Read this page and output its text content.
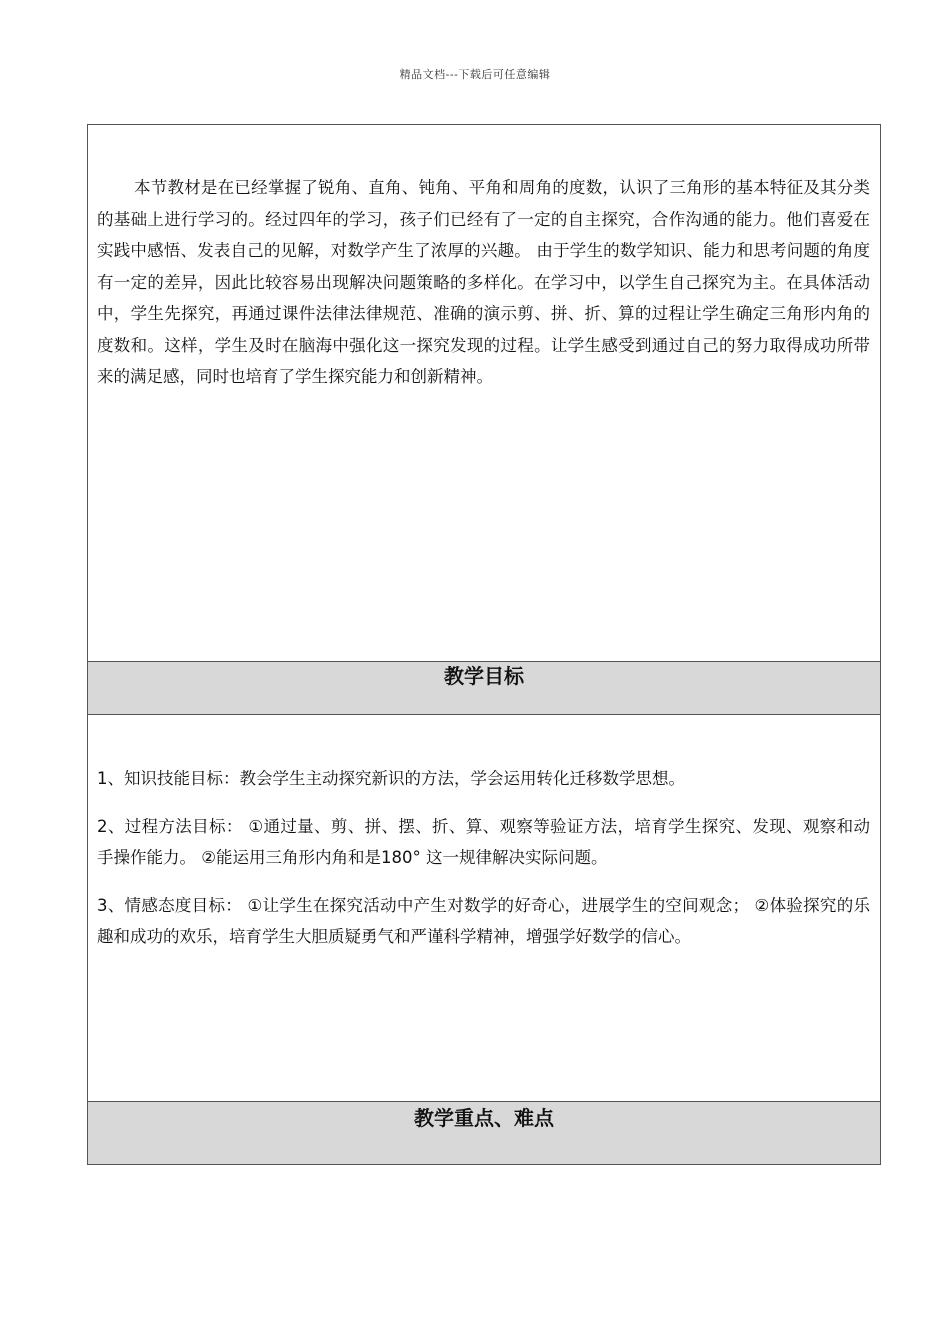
精品文档---下载后可任意编辑

本节教材是在已经掌握了锐角、直角、钝角、平角和周角的度数，认识了三角形的基本特征及其分类的基础上进行学习的。经过四年的学习，孩子们已经有了一定的自主探究，合作沟通的能力。他们喜爱在实践中感悟、发表自己的见解，对数学产生了浓厚的兴趣。 由于学生的数学知识、能力和思考问题的角度有一定的差异，因此比较容易出现解决问题策略的多样化。在学习中，以学生自己探究为主。在具体活动中，学生先探究，再通过课件法律法律规范、准确的演示剪、拼、折、算的过程让学生确定三角形内角的度数和。这样，学生及时在脑海中强化这一探究发现的过程。让学生感受到通过自己的努力取得成功所带来的满足感，同时也培育了学生探究能力和创新精神。

教学目标

1、知识技能目标：教会学生主动探究新识的方法，学会运用转化迁移数学思想。

2、过程方法目标： ①通过量、剪、拼、摆、折、算、观察等验证方法，培育学生探究、发现、观察和动手操作能力。 ②能运用三角形内角和是180° 这一规律解决实际问题。

3、情感态度目标： ①让学生在探究活动中产生对数学的好奇心，进展学生的空间观念； ②体验探究的乐趣和成功的欢乐，培育学生大胆质疑勇气和严谨科学精神，增强学好数学的信心。

教学重点、难点
